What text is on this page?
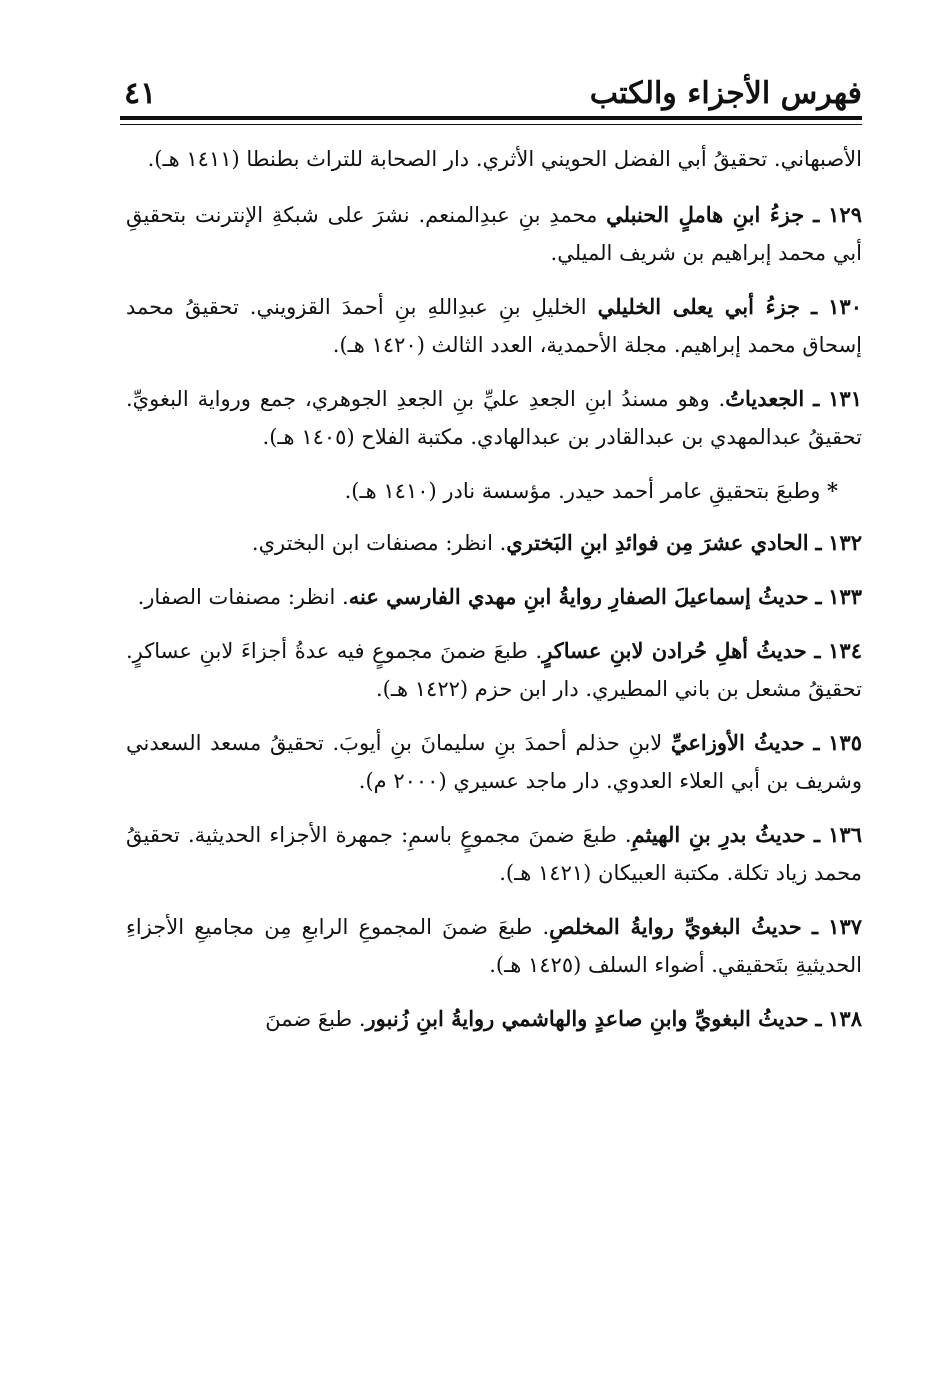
فهرس الأجزاء والكتب
٤١

الأصبهاني. تحقيقُ أبي الفضل الحويني الأثري. دار الصحابة للتراث بطنطا (١٤١١ هـ).

١٢٩ ـ جزءُ ابنِ هاملٍ الحنبلي محمدِ بنِ عبدِالمنعم. نشرَ على شبكةِ الإنترنت بتحقيقِ أبي محمد إبراهيم بن شريف الميلي.

١٣٠ ـ جزءُ أبي يعلى الخليلي الخليلِ بنِ عبدِاللهِ بنِ أحمدَ القزويني. تحقيقُ محمد إسحاق محمد إبراهيم. مجلة الأحمدية، العدد الثالث (١٤٢٠ هـ).

١٣١ ـ الجعدياتُ. وهو مسندُ ابنِ الجعدِ عليِّ بنِ الجعدِ الجوهري، جمع ورواية البغويِّ. تحقيقُ عبدالمهدي بن عبدالقادر بن عبدالهادي. مكتبة الفلاح (١٤٠٥ هـ).

* وطبعَ بتحقيقِ عامر أحمد حيدر. مؤسسة نادر (١٤١٠ هـ).

١٣٢ ـ الحادي عشرَ مِن فوائدِ ابنِ البَختري. انظر: مصنفات ابن البختري.

١٣٣ ـ حديثُ إسماعيلَ الصفارِ روايةُ ابنِ مهدي الفارسي عنه. انظر: مصنفات الصفار.

١٣٤ ـ حديثُ أهلِ حُرادن لابنِ عساكرٍ. طبعَ ضمنَ مجموعٍ فيه عدةُ أجزاءَ لابنِ عساكرٍ. تحقيقُ مشعل بن باني المطيري. دار ابن حزم (١٤٢٢ هـ).

١٣٥ ـ حديثُ الأوزاعيِّ لابنِ حذلم أحمدَ بنِ سليمانَ بنِ أيوبَ. تحقيقُ مسعد السعدني وشريف بن أبي العلاء العدوي. دار ماجد عسيري (٢٠٠٠ م).

١٣٦ ـ حديثُ بدرِ بنِ الهيثمِ. طبعَ ضمنَ مجموعٍ باسمِ: جمهرة الأجزاء الحديثية. تحقيقُ محمد زياد تكلة. مكتبة العبيكان (١٤٢١ هـ).

١٣٧ ـ حديثُ البغويِّ روايةُ المخلصِ. طبعَ ضمنَ المجموعِ الرابعِ مِن مجاميعِ الأجزاءِ الحديثيةِ بتَحقيقي. أضواء السلف (١٤٢٥ هـ).

١٣٨ ـ حديثُ البغويِّ وابنِ صاعدٍ والهاشمي روايةُ ابنِ زُنبور. طبعَ ضمنَ
